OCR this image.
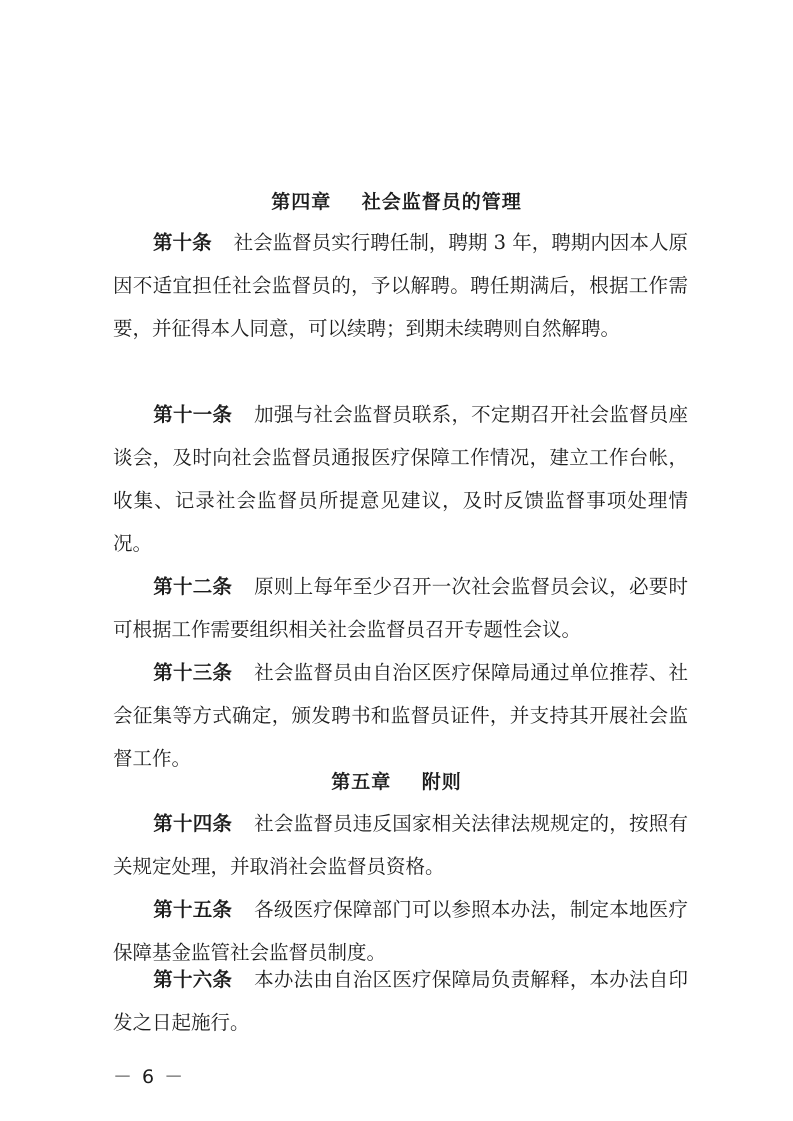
第四章    社会监督员的管理
第十条 社会监督员实行聘任制，聘期 3 年，聘期内因本人原因不适宜担任社会监督员的，予以解聘。聘任期满后，根据工作需要，并征得本人同意，可以续聘；到期未续聘则自然解聘。
第十一条 加强与社会监督员联系，不定期召开社会监督员座谈会，及时向社会监督员通报医疗保障工作情况，建立工作台帐，收集、记录社会监督员所提意见建议，及时反馈监督事项处理情况。
第十二条 原则上每年至少召开一次社会监督员会议，必要时可根据工作需要组织相关社会监督员召开专题性会议。
第十三条 社会监督员由自治区医疗保障局通过单位推荐、社会征集等方式确定，颁发聘书和监督员证件，并支持其开展社会监督工作。
第五章    附则
第十四条 社会监督员违反国家相关法律法规规定的，按照有关规定处理，并取消社会监督员资格。
第十五条 各级医疗保障部门可以参照本办法，制定本地医疗保障基金监管社会监督员制度。
第十六条 本办法由自治区医疗保障局负责解释，本办法自印发之日起施行。
－ 6 －
